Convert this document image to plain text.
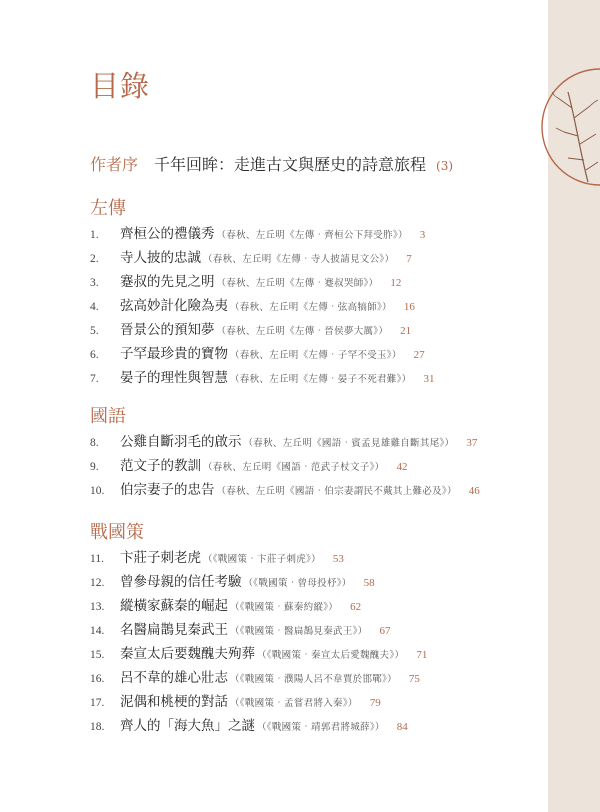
目錄
作者序 千年回眸：走進古文與歷史的詩意旅程 (3)
左傳
1.	齊桓公的禮儀秀 （春秋、左丘明《左傳‧齊桓公下拜受胙》） 3
2.	寺人披的忠誠 （春秋、左丘明《左傳‧寺人披請見文公》） 7
3.	蹇叔的先見之明 （春秋、左丘明《左傳‧蹇叔哭師》） 12
4.	弦高妙計化險為夷 （春秋、左丘明《左傳‧弦高犒師》） 16
5.	晉景公的預知夢 （春秋、左丘明《左傳‧晉侯夢大厲》） 21
6.	子罕最珍貴的寶物 （春秋、左丘明《左傳‧子罕不受玉》） 27
7.	晏子的理性與智慧 （春秋、左丘明《左傳‧晏子不死君難》） 31
國語
8.	公雞自斷羽毛的啟示 （春秋、左丘明《國語‧賓孟見雄雞自斷其尾》） 37
9.	范文子的教訓 （春秋、左丘明《國語‧范武子杖文子》） 42
10.	伯宗妻子的忠告 （春秋、左丘明《國語‧伯宗妻謂民不戴其上難必及》） 46
戰國策
11.	卞莊子刺老虎 （《戰國策‧卞莊子刺虎》） 53
12.	曾參母親的信任考驗 （《戰國策‧曾母投杼》） 58
13.	縱橫家蘇秦的崛起 （《戰國策‧蘇秦約縱》） 62
14.	名醫扁鵲見秦武王 （《戰國策‧醫扁鵲見秦武王》） 67
15.	秦宣太后要魏醜夫殉葬 （《戰國策‧秦宣太后愛魏醜夫》） 71
16.	呂不韋的雄心壯志 （《戰國策‧濮陽人呂不韋賈於邯鄲》） 75
17.	泥偶和桃梗的對話 （《戰國策‧孟嘗君將入秦》） 79
18.	齊人的「海大魚」之謎 （《戰國策‧靖郭君將城薛》） 84
